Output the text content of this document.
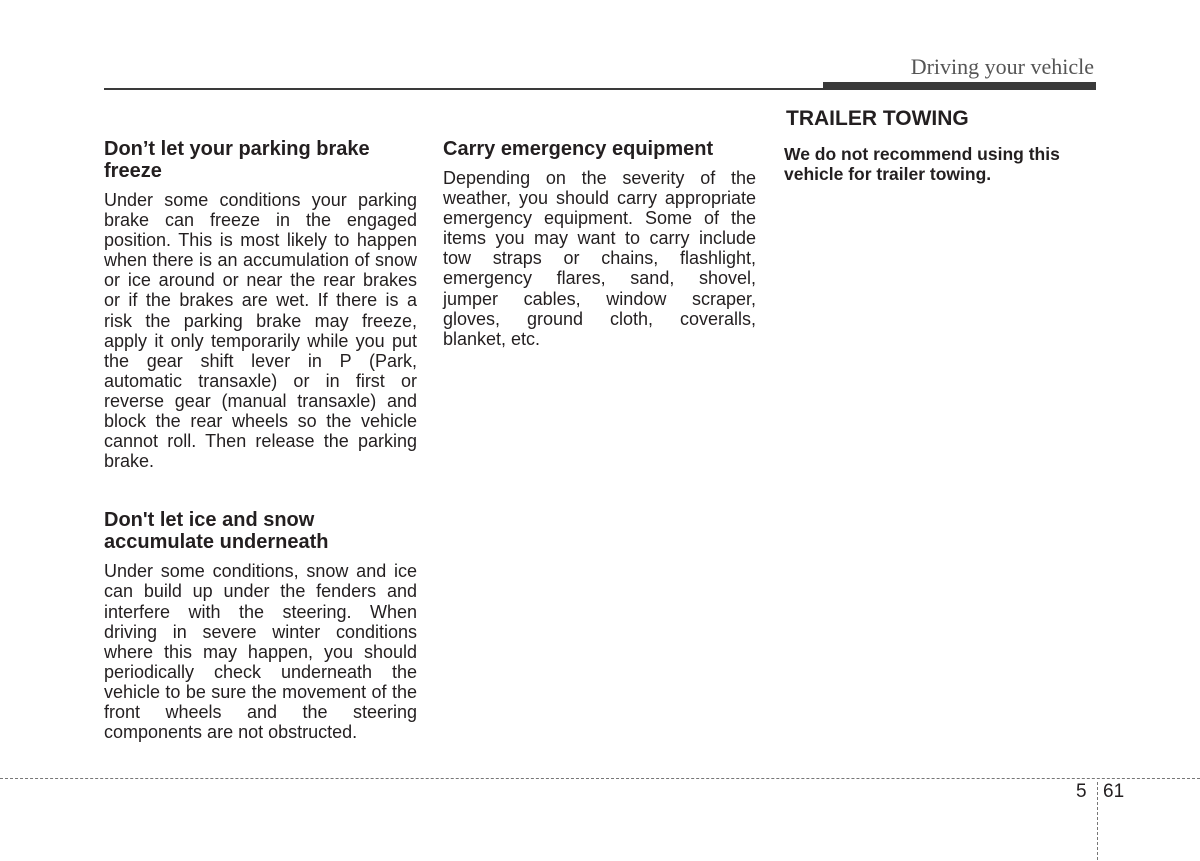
Driving your vehicle
Don’t let your parking brake freeze

Under some conditions your parking brake can freeze in the engaged position. This is most likely to happen when there is an accumulation of snow or ice around or near the rear brakes or if the brakes are wet. If there is a risk the parking brake may freeze, apply it only temporarily while you put the gear shift lever in P (Park, automatic transaxle) or in first or reverse gear (manual transaxle) and block the rear wheels so the vehicle cannot roll. Then release the parking brake.

Don't let ice and snow accumulate underneath

Under some conditions, snow and ice can build up under the fenders and interfere with the steering. When driving in severe winter conditions where this may happen, you should periodically check underneath the vehicle to be sure the movement of the front wheels and the steering components are not obstructed.

Carry emergency equipment

Depending on the severity of the weather, you should carry appropriate emergency equipment. Some of the items you may want to carry include tow straps or chains, flashlight, emergency flares, sand, shovel, jumper cables, window scraper, gloves, ground cloth, coveralls, blanket, etc.

TRAILER TOWING

We do not recommend using this vehicle for trailer towing.

5 61
